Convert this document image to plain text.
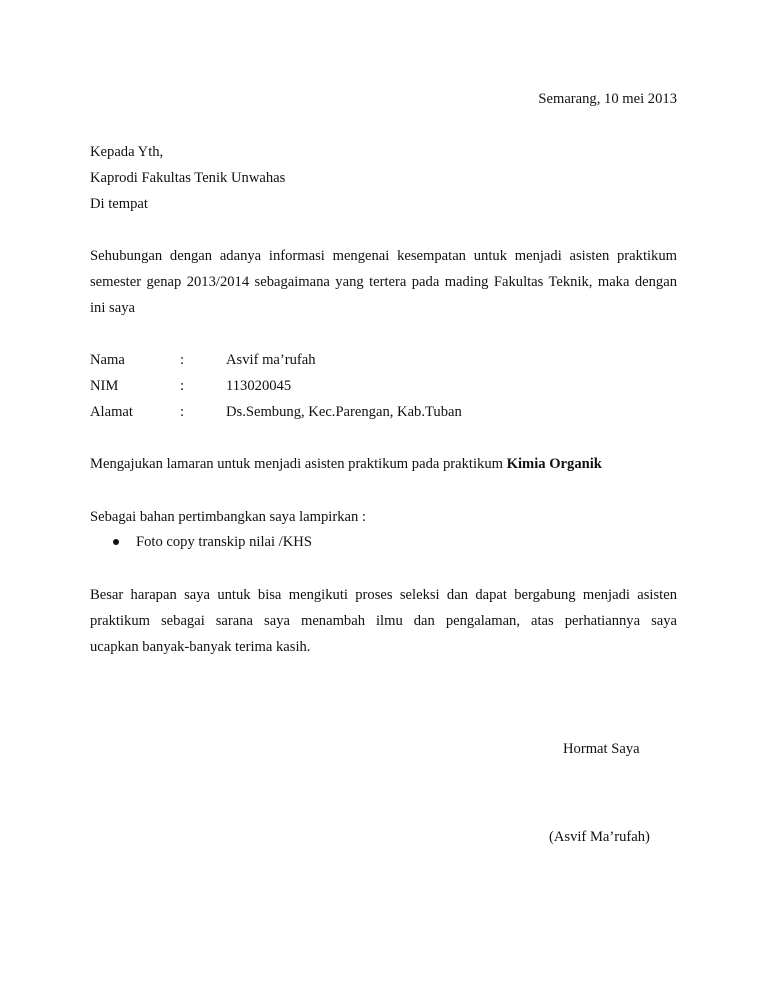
Semarang, 10 mei 2013
Kepada Yth,
Kaprodi Fakultas Tenik Unwahas
Di tempat
Sehubungan dengan adanya informasi mengenai kesempatan untuk menjadi asisten praktikum
semester genap 2013/2014 sebagaimana yang tertera pada mading Fakultas Teknik, maka dengan
ini saya
Nama	:	Asvif ma’rufah
NIM	:	113020045
Alamat	:	Ds.Sembung, Kec.Parengan, Kab.Tuban
Mengajukan lamaran untuk menjadi asisten praktikum pada praktikum Kimia Organik
Sebagai bahan pertimbangkan saya lampirkan :
Foto copy transkip nilai /KHS
Besar harapan saya untuk bisa mengikuti proses seleksi dan dapat bergabung menjadi asisten
praktikum sebagai sarana saya menambah ilmu dan pengalaman, atas perhatiannya saya
ucapkan banyak-banyak terima kasih.
Hormat Saya
(Asvif Ma’rufah)
